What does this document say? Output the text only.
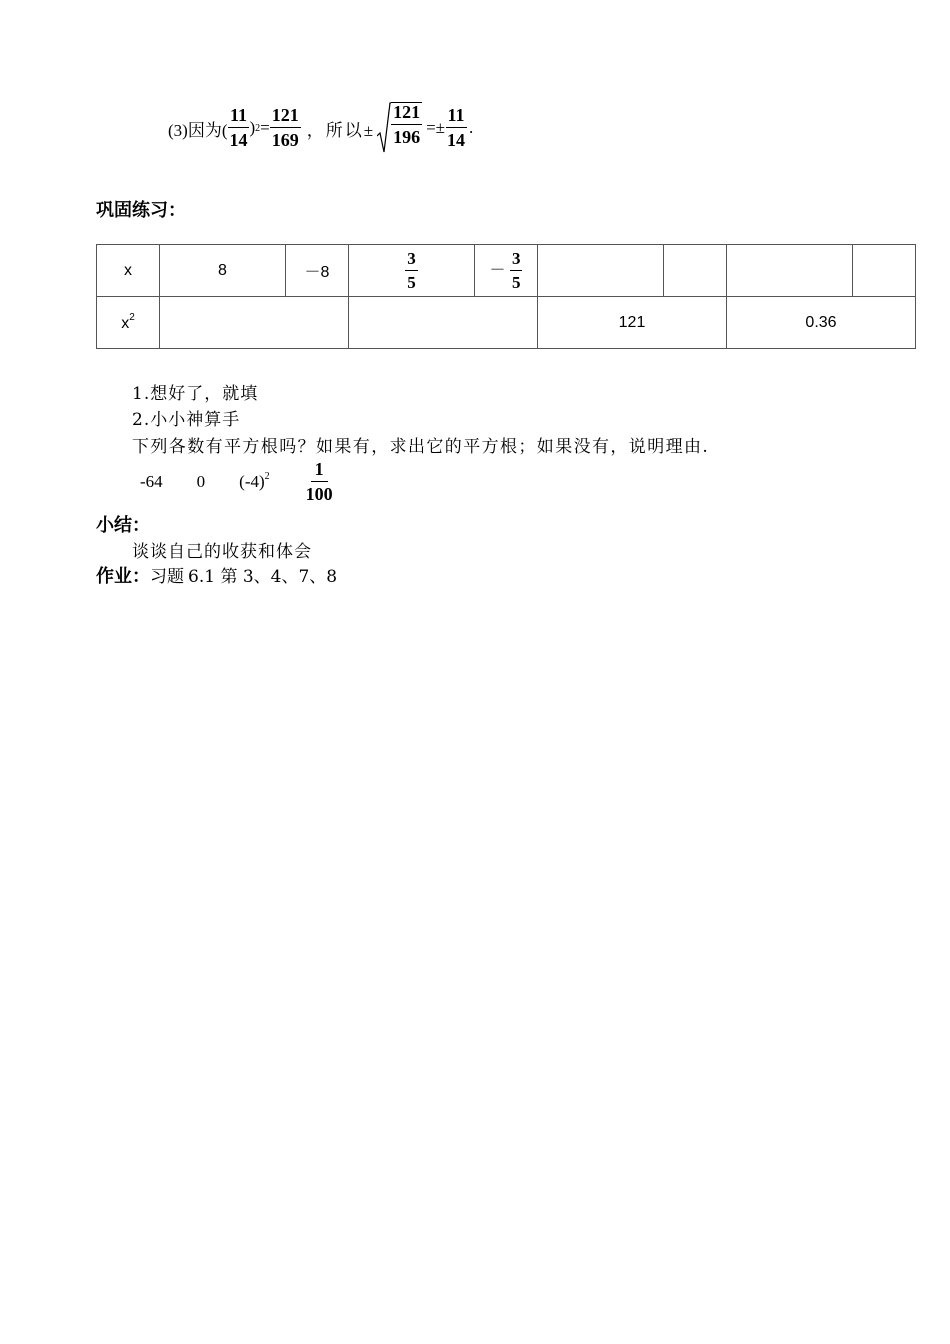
(3)因为( $\frac{11}{14}$ ) $2 = \frac{121}{169}$ ，所以± $\frac{121}{196} =\pm \frac{11}{14}$ .
巩固练习：
x	8	－8	$\frac{3}{5}$	－ $\frac{3}{5}$

$x^2$					121		0.36	
1.想好了，就填
2.小小神算手
下列各数有平方根吗？如果有，求出它的平方根；如果没有，说明理由.
-64 0 $(-4)^2 \frac{1}{100}$
小结：
谈谈自己的收获和体会
作业： 习题 6.1 第 3、4、7、8
